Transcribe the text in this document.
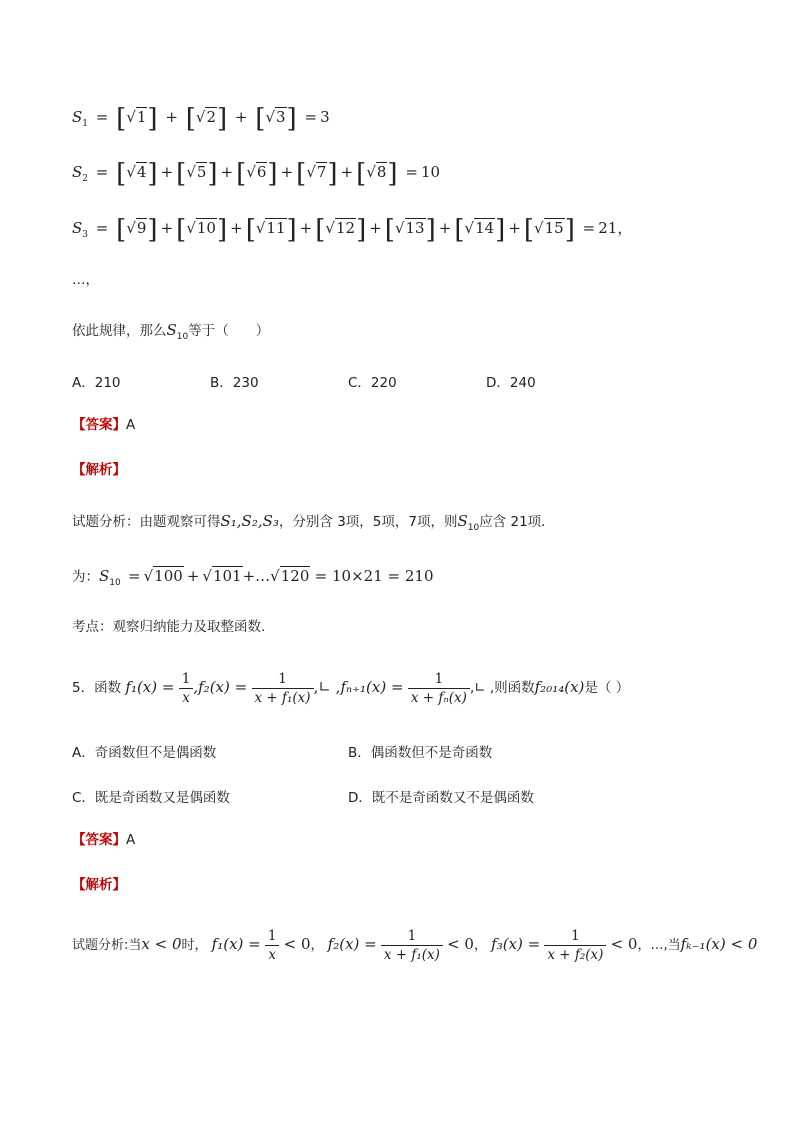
$S_1 = [√1] + [√2] + [√3] = 3$
$S_2 = [√4] + [√5] + [√6] + [√7] + [√8] = 10$
$S_3 = [√9] + [√10] + [√11] + [√12] + [√13] + [√14] + [√15] = 21$，
…，
依此规律，那么$S_{10}$等于（　　）
A．210	B．230	C．220	D．240
【答案】A
【解析】
试题分析：由题观察可得S₁,S₂,S₃，分别含 3项，5项，7项，则$S_{10}$应含 21项．
为：$S_{10} = √100$ + √101+…√120 = 10×21 = 210
考点：观察归纳能力及取整函数.
5．函数 $f_1(x) = \frac{1}{x} ,f_2(x) = \frac{1}{\text{x + f₁(x)}}$ ,∟ $,f_{n+1}(x) = \frac{1}{\text{x + fₙ(x)}}$ ,∟ ,则函数f₂₀₁₄(x)是（ ）
A．奇函数但不是偶函数	B．偶函数但不是奇函数
C．既是奇函数又是偶函数	D．既不是奇函数又不是偶函数
【答案】A
【解析】
试题分析:当x < 0时， $f_1(x) = \frac{1}{x} < 0$， $f_2(x) = \frac{1}{\text{x + f₁(x)}} < 0$， $f_3(x) = \frac{1}{\text{x + f₂(x)}} < 0$，…,当fₖ₋₁(x) < 0
